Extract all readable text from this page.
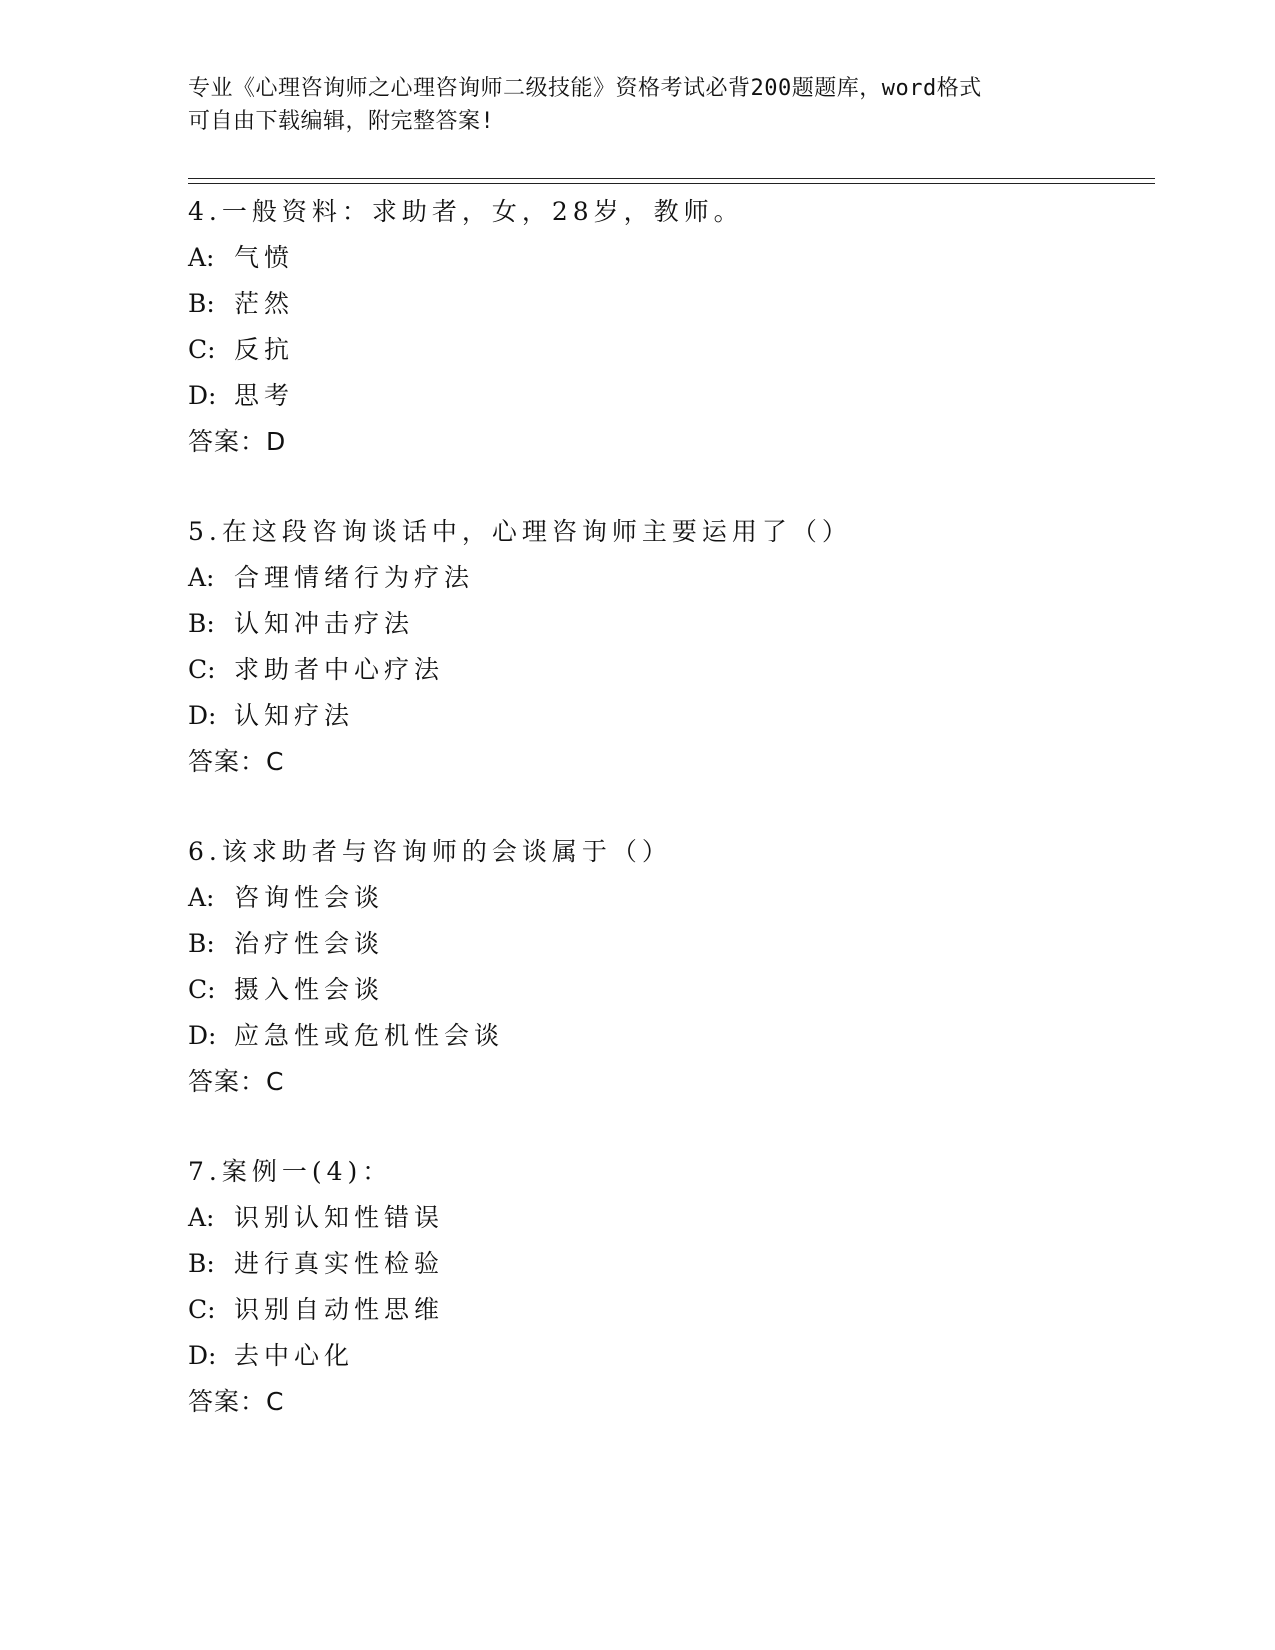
专业《心理咨询师之心理咨询师二级技能》资格考试必背200题题库，word格式
可自由下载编辑，附完整答案!
4.一般资料：求助者，女，28岁，教师。
A: 气愤
B: 茫然
C: 反抗
D: 思考
答案：D
5.在这段咨询谈话中，心理咨询师主要运用了（）
A: 合理情绪行为疗法
B: 认知冲击疗法
C: 求助者中心疗法
D: 认知疗法
答案：C
6.该求助者与咨询师的会谈属于（）
A: 咨询性会谈
B: 治疗性会谈
C: 摄入性会谈
D: 应急性或危机性会谈
答案：C
7.案例一(4)：
A: 识别认知性错误
B: 进行真实性检验
C: 识别自动性思维
D: 去中心化
答案：C
